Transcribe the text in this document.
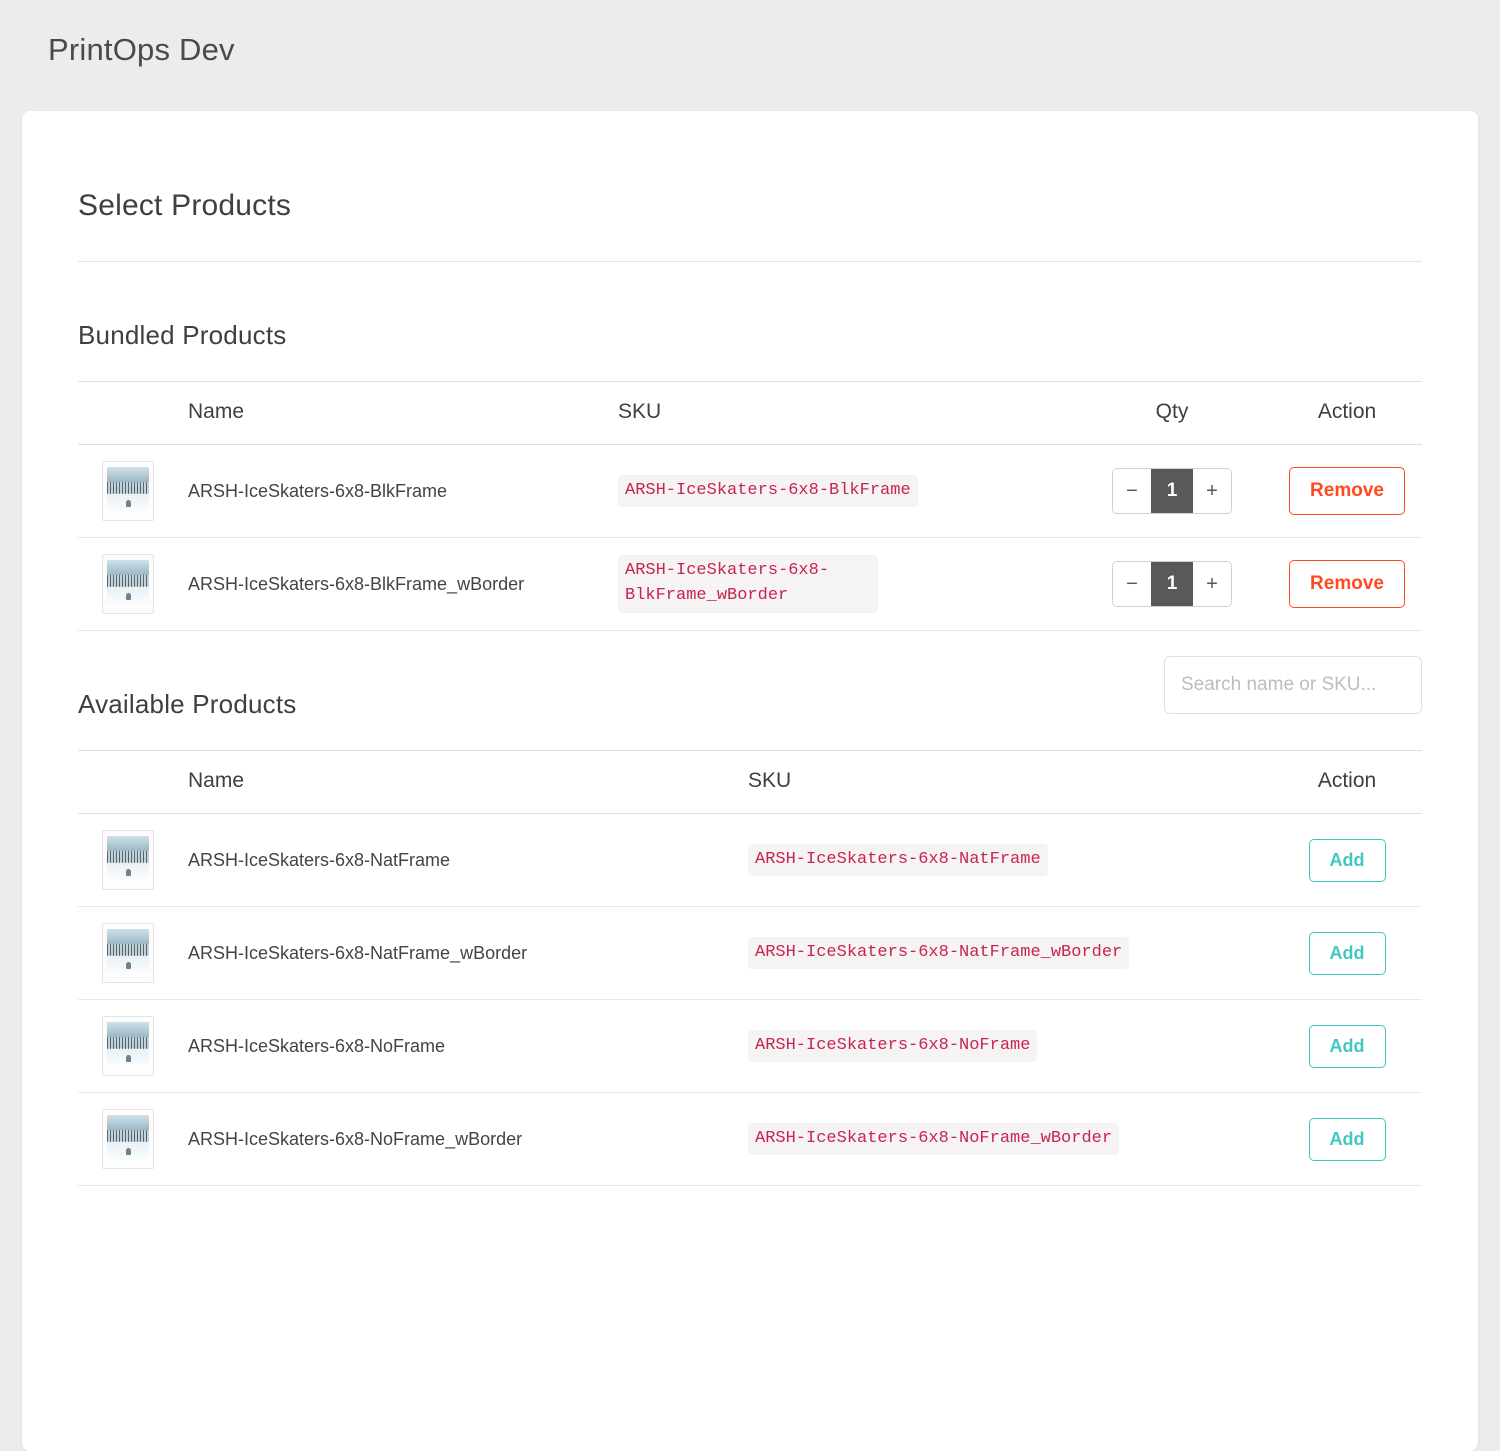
PrintOps Dev
Select Products
Bundled Products
	Name	SKU	Qty	Action

	ARSH-IceSkaters-6x8-BlkFrame	ARSH-IceSkaters-6x8-BlkFrame	− 1 +	Remove

	ARSH-IceSkaters-6x8-BlkFrame_wBorder	ARSH-IceSkaters-6x8-BlkFrame_wBorder	− 1 +	Remove
Available Products
Search name or SKU...
	Name	SKU	Action

	ARSH-IceSkaters-6x8-NatFrame	ARSH-IceSkaters-6x8-NatFrame	Add

	ARSH-IceSkaters-6x8-NatFrame_wBorder	ARSH-IceSkaters-6x8-NatFrame_wBorder	Add

	ARSH-IceSkaters-6x8-NoFrame	ARSH-IceSkaters-6x8-NoFrame	Add

	ARSH-IceSkaters-6x8-NoFrame_wBorder	ARSH-IceSkaters-6x8-NoFrame_wBorder	Add
